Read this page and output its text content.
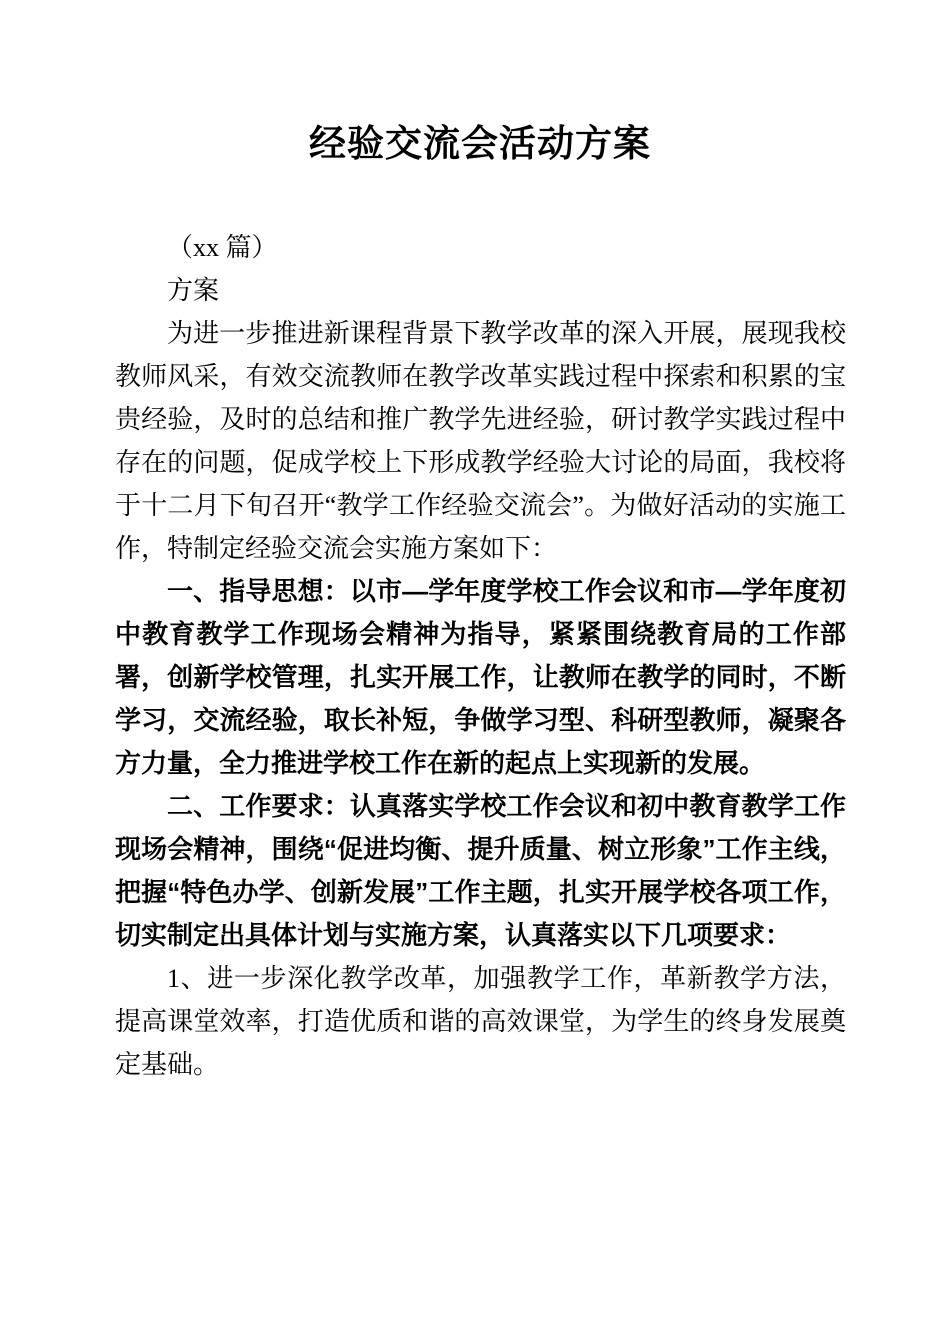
经验交流会活动方案

（xx 篇）

方案

为进一步推进新课程背景下教学改革的深入开展，展现我校教师风采，有效交流教师在教学改革实践过程中探索和积累的宝贵经验，及时的总结和推广教学先进经验，研讨教学实践过程中存在的问题，促成学校上下形成教学经验大讨论的局面，我校将于十二月下旬召开“教学工作经验交流会”。为做好活动的实施工作，特制定经验交流会实施方案如下：

一、指导思想：以市—学年度学校工作会议和市—学年度初中教育教学工作现场会精神为指导，紧紧围绕教育局的工作部署，创新学校管理，扎实开展工作，让教师在教学的同时，不断学习，交流经验，取长补短，争做学习型、科研型教师，凝聚各方力量，全力推进学校工作在新的起点上实现新的发展。

二、工作要求：认真落实学校工作会议和初中教育教学工作现场会精神，围绕“促进均衡、提升质量、树立形象”工作主线，把握“特色办学、创新发展”工作主题，扎实开展学校各项工作，切实制定出具体计划与实施方案，认真落实以下几项要求：

1、进一步深化教学改革，加强教学工作，革新教学方法，提高课堂效率，打造优质和谐的高效课堂，为学生的终身发展奠定基础。
